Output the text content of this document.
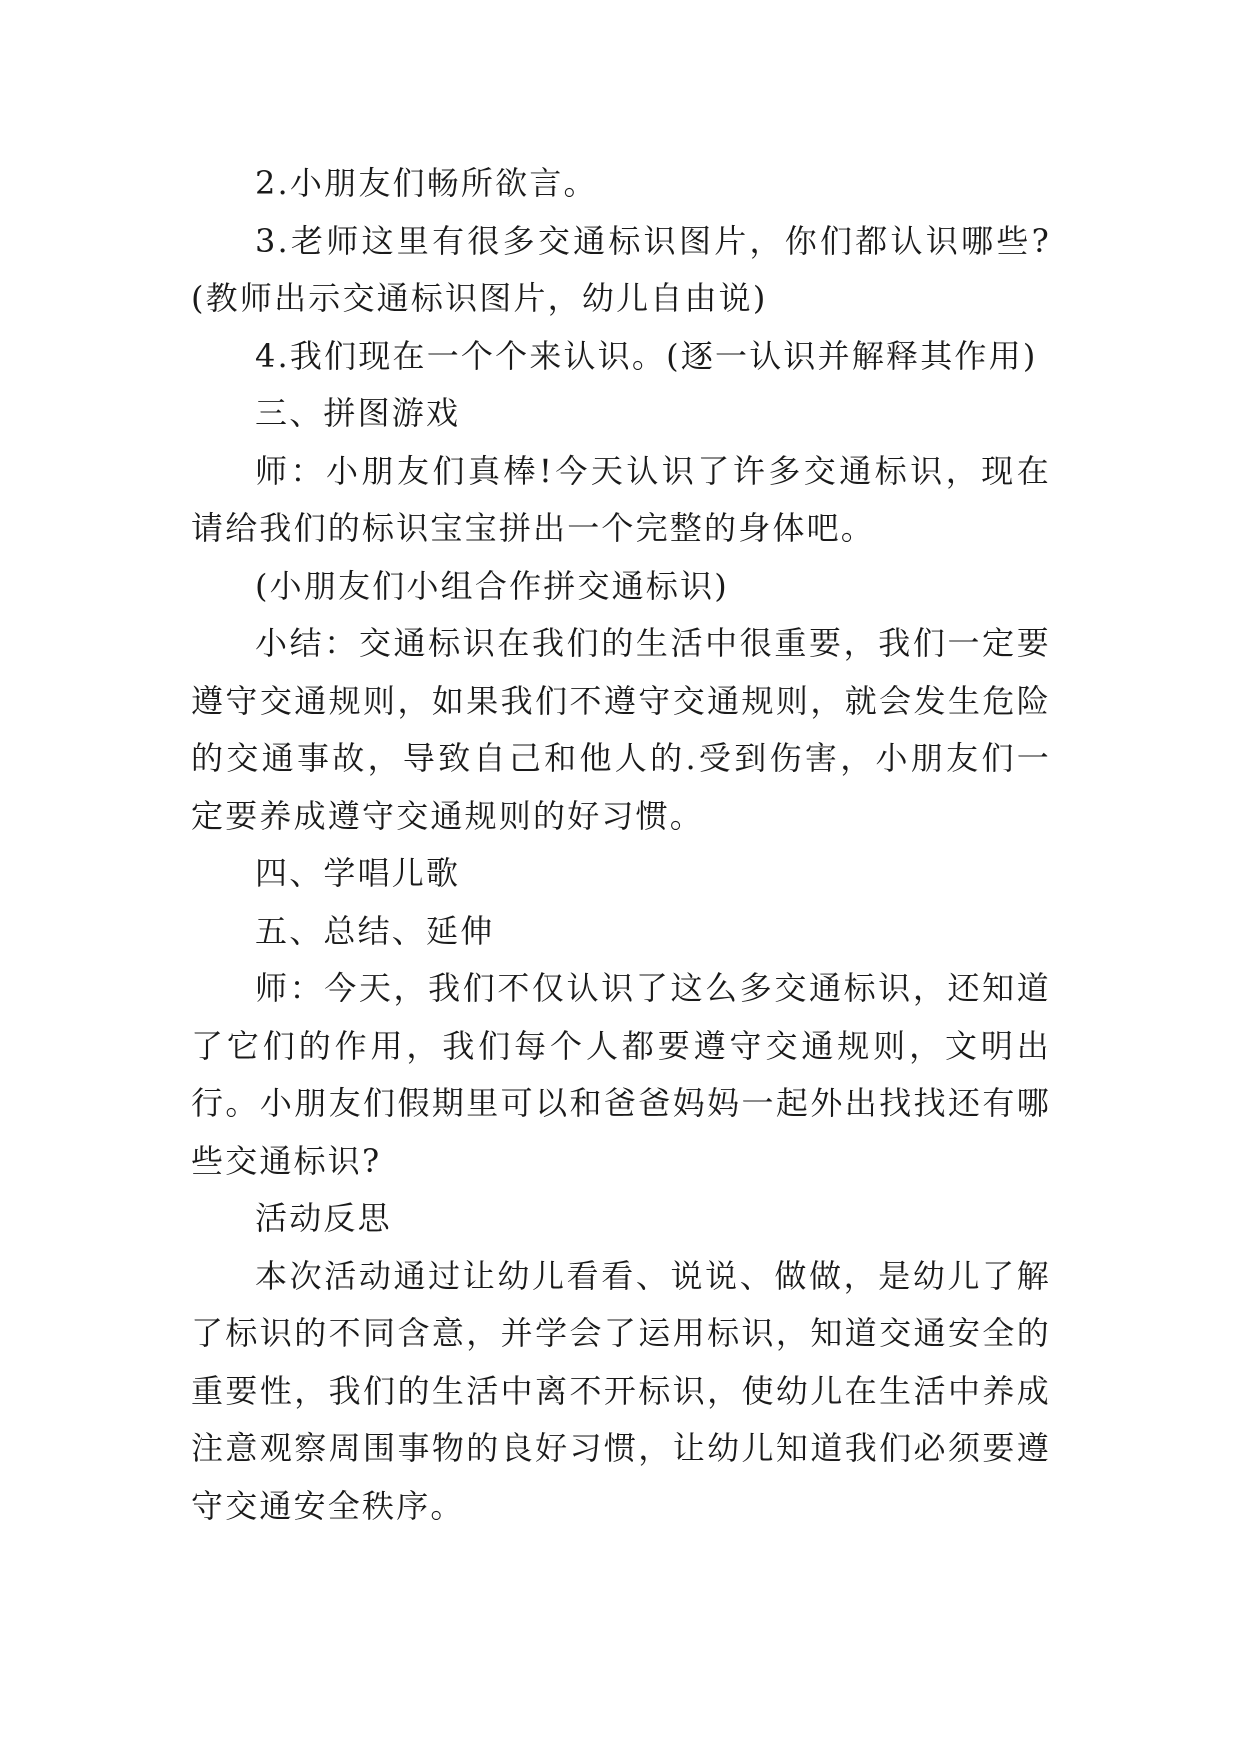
2.小朋友们畅所欲言。

3.老师这里有很多交通标识图片，你们都认识哪些?(教师出示交通标识图片，幼儿自由说)

4.我们现在一个个来认识。(逐一认识并解释其作用)

三、拼图游戏

师：小朋友们真棒!今天认识了许多交通标识，现在请给我们的标识宝宝拼出一个完整的身体吧。

(小朋友们小组合作拼交通标识)

小结：交通标识在我们的生活中很重要，我们一定要遵守交通规则，如果我们不遵守交通规则，就会发生危险的交通事故，导致自己和他人的.受到伤害，小朋友们一定要养成遵守交通规则的好习惯。

四、学唱儿歌

五、总结、延伸

师：今天，我们不仅认识了这么多交通标识，还知道了它们的作用，我们每个人都要遵守交通规则，文明出行。小朋友们假期里可以和爸爸妈妈一起外出找找还有哪些交通标识?

活动反思

本次活动通过让幼儿看看、说说、做做，是幼儿了解了标识的不同含意，并学会了运用标识，知道交通安全的重要性，我们的生活中离不开标识，使幼儿在生活中养成注意观察周围事物的良好习惯，让幼儿知道我们必须要遵守交通安全秩序。
